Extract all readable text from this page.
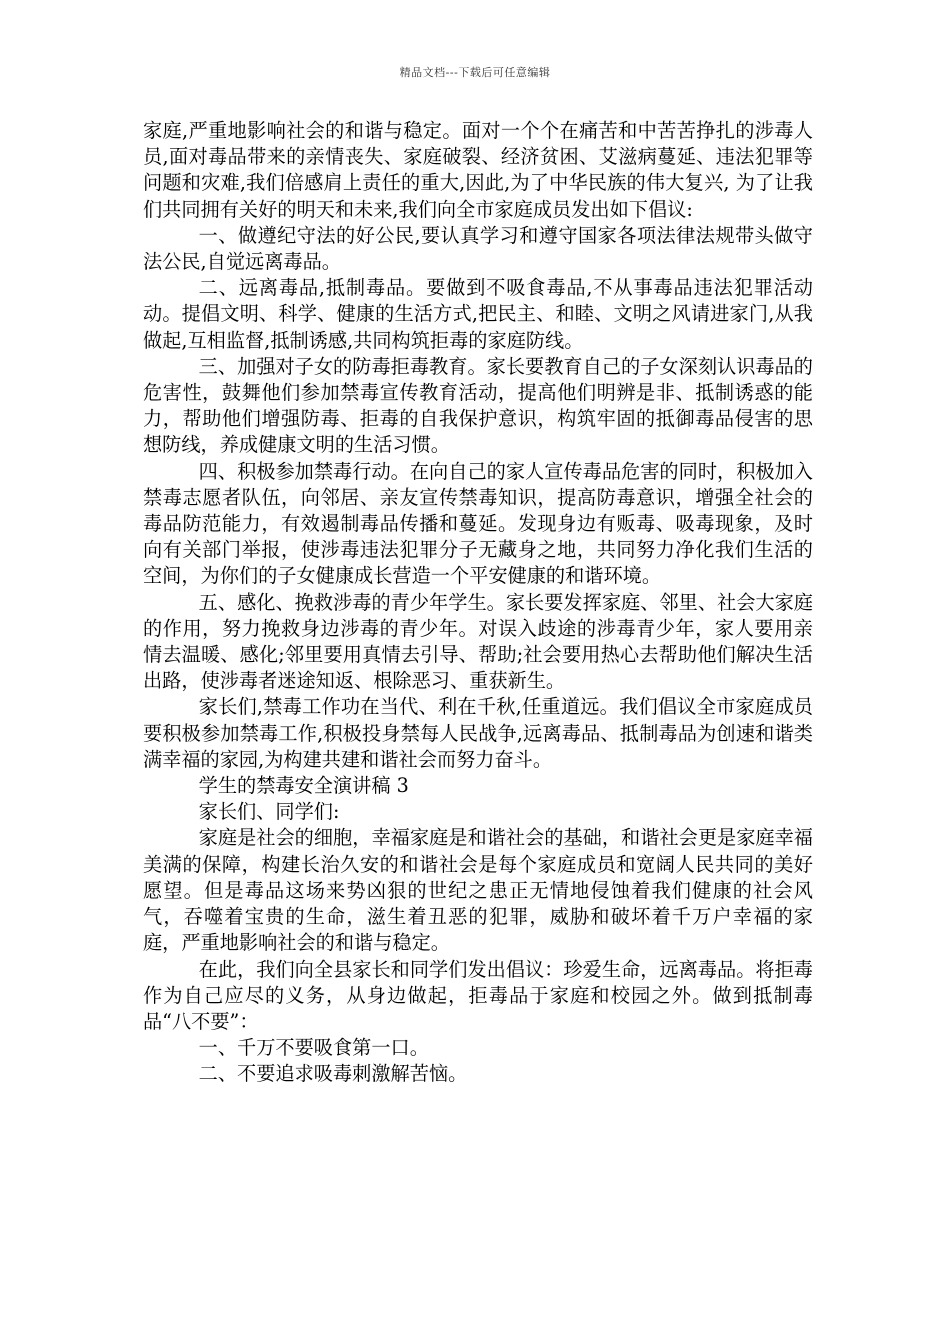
精品文档---下载后可任意编辑

家庭,严重地影响社会的和谐与稳定。面对一个个在痛苦和中苦苦挣扎的涉毒人员,面对毒品带来的亲情丧失、家庭破裂、经济贫困、艾滋病蔓延、违法犯罪等问题和灾难,我们倍感肩上责任的重大,因此,为了中华民族的伟大复兴, 为了让我们共同拥有关好的明天和未来,我们向全市家庭成员发出如下倡议:

一、做遵纪守法的好公民,要认真学习和遵守国家各项法律法规带头做守法公民,自觉远离毒品。

二、远离毒品,抵制毒品。要做到不吸食毒品,不从事毒品违法犯罪活动动。提倡文明、科学、健康的生活方式,把民主、和睦、文明之风请进家门,从我做起,互相监督,抵制诱感,共同构筑拒毒的家庭防线。

三、加强对子女的防毒拒毒教育。家长要教育自己的子女深刻认识毒品的危害性，鼓舞他们参加禁毒宣传教育活动，提高他们明辨是非、抵制诱惑的能力，帮助他们增强防毒、拒毒的自我保护意识，构筑牢固的抵御毒品侵害的思想防线，养成健康文明的生活习惯。

四、积极参加禁毒行动。在向自己的家人宣传毒品危害的同时，积极加入禁毒志愿者队伍，向邻居、亲友宣传禁毒知识，提高防毒意识，增强全社会的毒品防范能力，有效遏制毒品传播和蔓延。发现身边有贩毒、吸毒现象，及时向有关部门举报，使涉毒违法犯罪分子无藏身之地，共同努力净化我们生活的空间，为你们的子女健康成长营造一个平安健康的和谐环境。

五、感化、挽救涉毒的青少年学生。家长要发挥家庭、邻里、社会大家庭的作用，努力挽救身边涉毒的青少年。对误入歧途的涉毒青少年，家人要用亲情去温暖、感化;邻里要用真情去引导、帮助;社会要用热心去帮助他们解决生活出路，使涉毒者迷途知返、根除恶习、重获新生。

家长们,禁毒工作功在当代、利在千秋,任重道远。我们倡议全市家庭成员要积极参加禁毒工作,积极投身禁每人民战争,远离毒品、抵制毒品为创速和谐类满幸福的家园,为构建共建和谐社会而努力奋斗。

学生的禁毒安全演讲稿 3

家长们、同学们:

家庭是社会的细胞，幸福家庭是和谐社会的基础，和谐社会更是家庭幸福美满的保障，构建长治久安的和谐社会是每个家庭成员和宽阔人民共同的美好愿望。但是毒品这场来势凶狠的世纪之患正无情地侵蚀着我们健康的社会风气，吞噬着宝贵的生命，滋生着丑恶的犯罪，威胁和破坏着千万户幸福的家庭，严重地影响社会的和谐与稳定。

在此，我们向全县家长和同学们发出倡议：珍爱生命，远离毒品。将拒毒作为自己应尽的义务，从身边做起，拒毒品于家庭和校园之外。做到抵制毒品“八不要”：

一、千万不要吸食第一口。

二、不要追求吸毒刺激解苦恼。
